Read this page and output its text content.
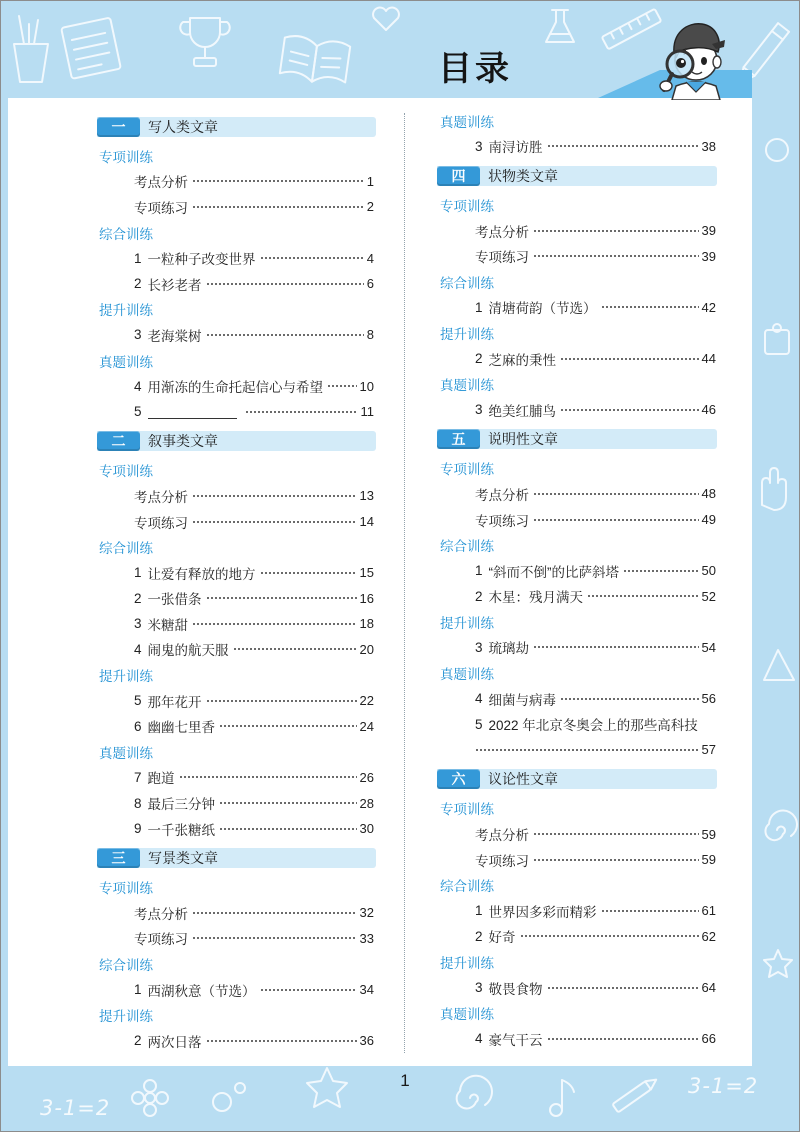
3-1=2
3-1=2
目录
一	写人类文章
专项训练
考点分析	1
专项练习	2
综合训练
1 一粒种子改变世界	4
2 长衫老者	6
提升训练
3 老海棠树	8
真题训练
4 用渐冻的生命托起信心与希望	10
5	11
二	叙事类文章
专项训练
考点分析	13
专项练习	14
综合训练
1 让爱有释放的地方	15
2 一张借条	16
3 米糖甜	18
4 闹鬼的航天服	20
提升训练
5 那年花开	22
6 幽幽七里香	24
真题训练
7 跑道	26
8 最后三分钟	28
9 一千张糖纸	30
三	写景类文章
专项训练
考点分析	32
专项练习	33
综合训练
1 西湖秋意（节选）	34
提升训练
2 两次日落	36
真题训练
3 南浔访胜	38
四	状物类文章
专项训练
考点分析	39
专项练习	39
综合训练
1 清塘荷韵（节选）	42
提升训练
2 芝麻的秉性	44
真题训练
3 绝美红脯鸟	46
五	说明性文章
专项训练
考点分析	48
专项练习	49
综合训练
1 “斜而不倒”的比萨斜塔	50
2 木星：残月满天	52
提升训练
3 琉璃劫	54
真题训练
4 细菌与病毒	56
5 2022 年北京冬奥会上的那些高科技
57
六	议论性文章
专项训练
考点分析	59
专项练习	59
综合训练
1 世界因多彩而精彩	61
2 好奇	62
提升训练
3 敬畏食物	64
真题训练
4 豪气干云	66
1
